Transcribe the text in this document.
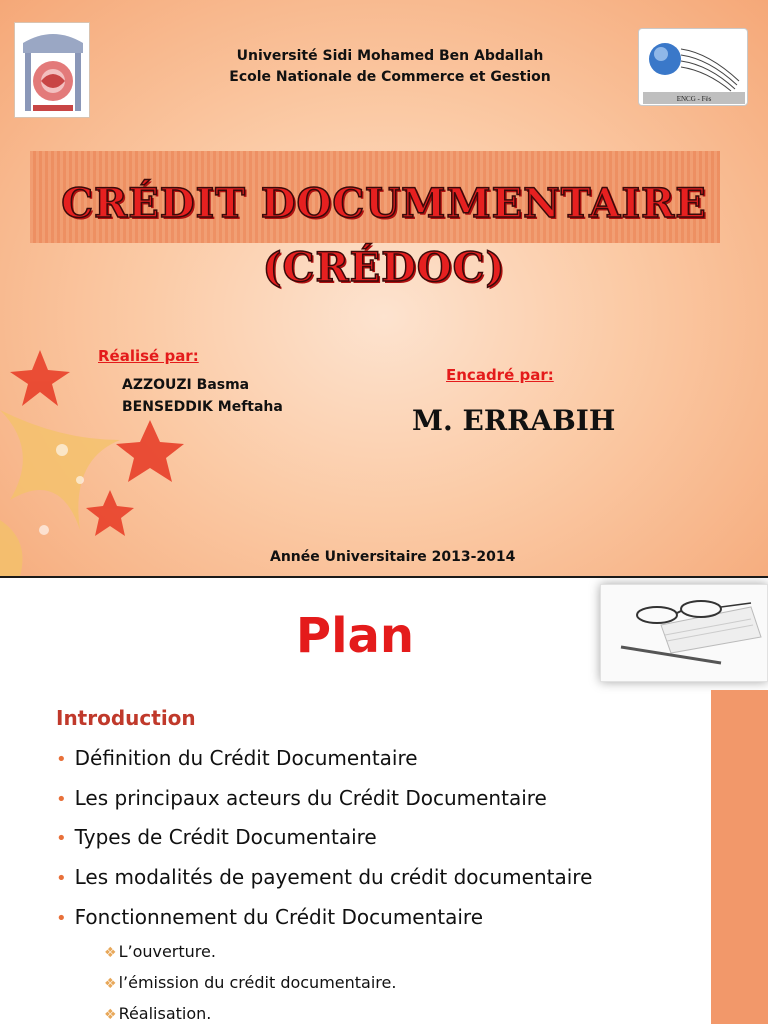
ENCG - Fès
Université Sidi Mohamed Ben Abdallah
Ecole Nationale de Commerce et Gestion
CRÉDIT DOCUMMENTAIRE
(CRÉDOC)
Réalisé par:
AZZOUZI Basma
BENSEDDIK Meftaha
Encadré par:
M. ERRABIH
Année Universitaire 2013-2014
Plan
Introduction
• Définition du Crédit Documentaire
• Les principaux acteurs du Crédit Documentaire
• Types de Crédit Documentaire
• Les modalités de payement du crédit documentaire
• Fonctionnement du Crédit Documentaire
❖ L’ouverture.
❖ l’émission du crédit documentaire.
❖ Réalisation.
